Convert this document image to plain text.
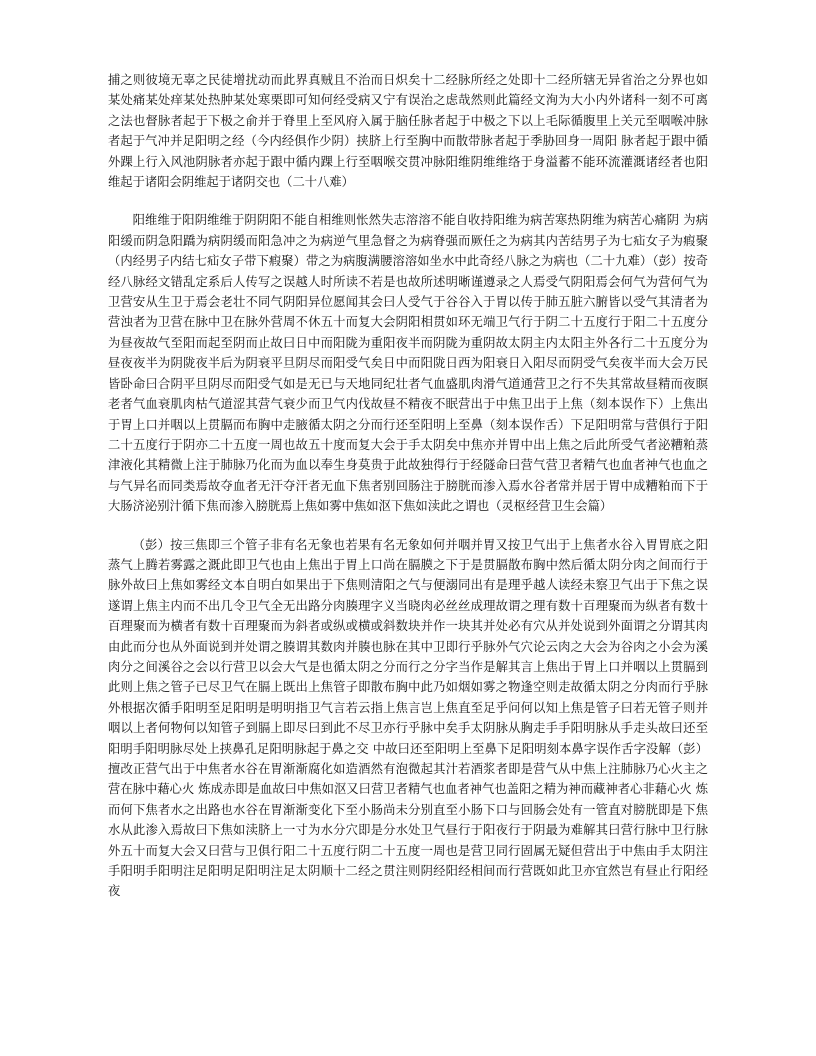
捕之则彼境无辜之民徒增扰动而此界真贼且不治而日炽矣十二经脉所经之处即十二经所辖无异省治之分界也如某处痛某处痒某处热肿某处寒栗即可知何经受病又宁有误治之虑哉然则此篇经文洵为大小内外诸科一刻不可离之法也督脉者起于下极之俞并于脊里上至风府入属于脑任脉者起于中极之下以上毛际循腹里上关元至咽喉冲脉者起于气冲并足阳明之经（今内经俱作少阴）挟脐上行至胸中而散带脉者起于季胁回身一周阳 脉者起于跟中循外踝上行入风池阴脉者亦起于跟中循内踝上行至咽喉交贯冲脉阳维阴维维络于身溢蓄不能环流灌溉诸经者也阳维起于诸阳会阴维起于诸阴交也（二十八难）

阳维维于阳阴维维于阴阴阳不能自相维则怅然失志溶溶不能自收持阳维为病苦寒热阴维为病苦心痛阴 为病阳缓而阴急阳蹻为病阴缓而阳急冲之为病逆气里急督之为病脊强而厥任之为病其内苦结男子为七疝女子为瘕聚（内经男子内结七疝女子带下瘕聚）带之为病腹满腰溶溶如坐水中此奇经八脉之为病也（二十九难）（彭）按奇经八脉经文错乱定系后人传写之误越人时所读不若是也故所述明晰谨遵录之人焉受气阴阳焉会何气为营何气为卫营安从生卫于焉会老壮不同气阴阳异位愿闻其会曰人受气于谷谷入于胃以传于肺五脏六腑皆以受气其清者为营浊者为卫营在脉中卫在脉外营周不休五十而复大会阴阳相贯如环无端卫气行于阴二十五度行于阳二十五度分为昼夜故气至阳而起至阴而止故曰日中而阳陇为重阳夜半而阴陇为重阴故太阴主内太阳主外各行二十五度分为昼夜夜半为阴陇夜半后为阴衰平旦阴尽而阳受气矣日中而阳陇日西为阳衰日入阳尽而阴受气矣夜半而大会万民皆卧命曰合阴平旦阴尽而阳受气如是无已与天地同纪壮者气血盛肌肉滑气道通营卫之行不失其常故昼精而夜瞑老者气血衰肌肉枯气道涩其营气衰少而卫气内伐故昼不精夜不眠营出于中焦卫出于上焦（刻本误作下）上焦出于胃上口并咽以上贯膈而布胸中走腋循太阴之分而行还至阳明上至鼻（刻本误作舌）下足阳明常与营俱行于阳二十五度行于阴亦二十五度一周也故五十度而复大会于手太阴矣中焦亦并胃中出上焦之后此所受气者泌糟粕蒸津液化其精微上注于肺脉乃化而为血以奉生身莫贵于此故独得行于经隧命曰营气营卫者精气也血者神气也血之与气异名而同类焉故夺血者无汗夺汗者无血下焦者别回肠注于膀胱而渗入焉水谷者常并居于胃中成糟粕而下于大肠济泌别汁循下焦而渗入膀胱焉上焦如雾中焦如沤下焦如渎此之谓也（灵枢经营卫生会篇）

（彭）按三焦即三个管子非有名无象也若果有名无象如何并咽并胃又按卫气出于上焦者水谷入胃胃底之阳蒸气上腾若雾露之溉此即卫气也由上焦出于胃上口尚在膈膜之下于是贯膈散布胸中然后循太阴分肉之间而行于脉外故曰上焦如雾经文本自明白如果出于下焦则清阳之气与便溺同出有是理乎越人读经未察卫气出于下焦之误遂谓上焦主内而不出几令卫气全无出路分肉腠理字义当晓肉必丝丝成理故谓之理有数十百理聚而为纵者有数十百理聚而为横者有数十百理聚而为斜者或纵或横或斜数块并作一块其并处必有穴从并处说到外面谓之分谓其肉由此而分也从外面说到并处谓之腠谓其数肉并腠也脉在其中卫即行乎脉外气穴论云肉之大会为谷肉之小会为溪肉分之间溪谷之会以行营卫以会大气是也循太阴之分而行之分字当作是解其言上焦出于胃上口并咽以上贯膈到此则上焦之管子已尽卫气在膈上既出上焦管子即散布胸中此乃如烟如雾之物逢空则走故循太阴之分肉而行乎脉外根据次循手阳明至足阳明是明明指卫气言若云指上焦言岂上焦直至足乎问何以知上焦是管子曰若无管子则并咽以上者何物何以知管子到膈上即尽曰到此不尽卫亦行乎脉中矣手太阴脉从胸走手手阳明脉从手走头故曰还至阳明手阳明脉尽处上挟鼻孔足阳明脉起于鼻之交 中故曰还至阳明上至鼻下足阳明刻本鼻字误作舌字没解（彭）擅改正营气出于中焦者水谷在胃渐渐腐化如造酒然有泡微起其汁若酒浆者即是营气从中焦上注肺脉乃心火主之营在脉中藉心火 炼成赤即是血故曰中焦如沤又曰营卫者精气也血者神气也盖阳之精为神而藏神者心非藉心火 炼而何下焦者水之出路也水谷在胃渐渐变化下至小肠尚未分别直至小肠下口与回肠会处有一管直对膀胱即是下焦水从此渗入焉故曰下焦如渎脐上一寸为水分穴即是分水处卫气昼行于阳夜行于阴最为难解其曰营行脉中卫行脉外五十而复大会又曰营与卫俱行阳二十五度行阴二十五度一周也是营卫同行固属无疑但营出于中焦由手太阴注手阳明手阳明注足阳明足阳明注足太阴顺十二经之贯注则阴经阳经相间而行营既如此卫亦宜然岂有昼止行阳经夜
